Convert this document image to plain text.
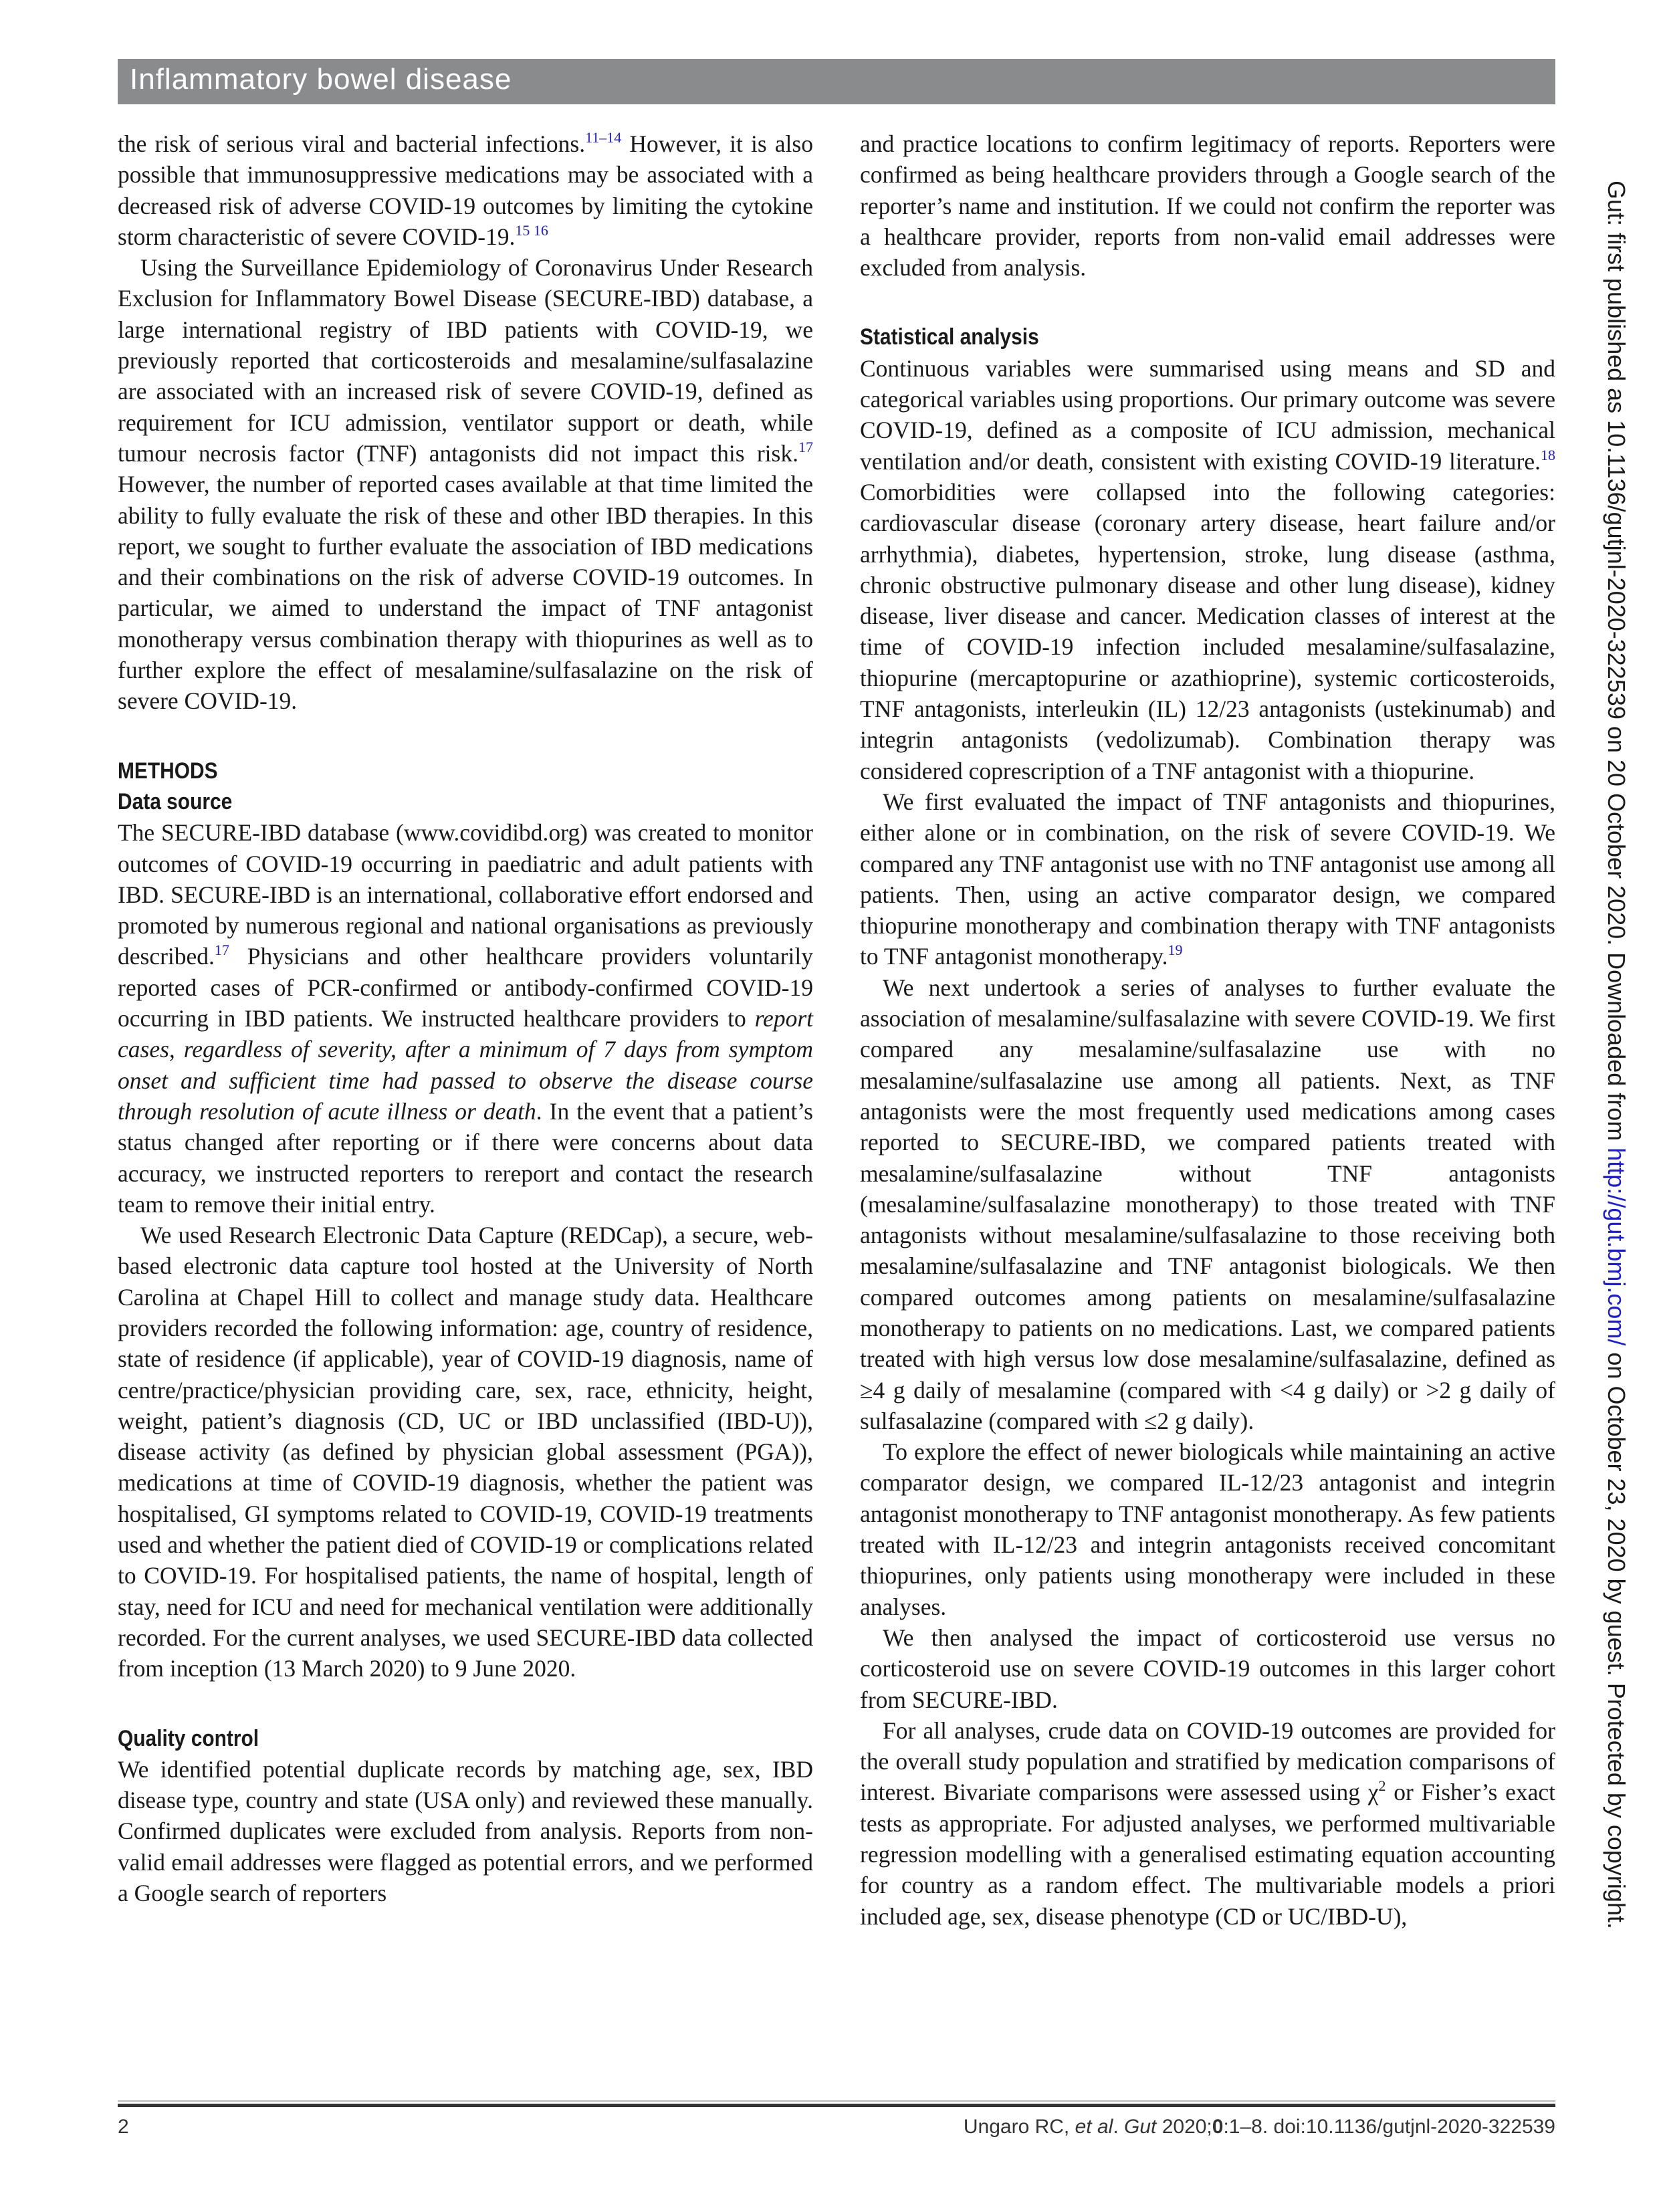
Inflammatory bowel disease

the risk of serious viral and bacterial infections.$^{11-14}$ However, it is also possible that immunosuppressive medications may be associated with a decreased risk of adverse COVID-19 outcomes by limiting the cytokine storm characteristic of severe COVID-19.$^{15 16}$

Using the Surveillance Epidemiology of Coronavirus Under Research Exclusion for Inflammatory Bowel Disease (SECURE-IBD) database, a large international registry of IBD patients with COVID-19, we previously reported that corticosteroids and mesalamine/sulfasalazine are associated with an increased risk of severe COVID-19, defined as requirement for ICU admission, ventilator support or death, while tumour necrosis factor (TNF) antagonists did not impact this risk.$^{17}$ However, the number of reported cases available at that time limited the ability to fully evaluate the risk of these and other IBD therapies. In this report, we sought to further evaluate the association of IBD medications and their combinations on the risk of adverse COVID-19 outcomes. In particular, we aimed to understand the impact of TNF antagonist monotherapy versus combination therapy with thiopurines as well as to further explore the effect of mesalamine/sulfasalazine on the risk of severe COVID-19.

METHODS
Data source

The SECURE-IBD database (www.covidibd.org) was created to monitor outcomes of COVID-19 occurring in paediatric and adult patients with IBD. SECURE-IBD is an international, collaborative effort endorsed and promoted by numerous regional and national organisations as previously described.$^{17}$ Physicians and other healthcare providers voluntarily reported cases of PCR-confirmed or antibody-confirmed COVID-19 occurring in IBD patients. We instructed healthcare providers to report cases, regardless of severity, after a minimum of 7 days from symptom onset and sufficient time had passed to observe the disease course through resolution of acute illness or death. In the event that a patient’s status changed after reporting or if there were concerns about data accuracy, we instructed reporters to rereport and contact the research team to remove their initial entry.

We used Research Electronic Data Capture (REDCap), a secure, web-based electronic data capture tool hosted at the University of North Carolina at Chapel Hill to collect and manage study data. Healthcare providers recorded the following information: age, country of residence, state of residence (if applicable), year of COVID-19 diagnosis, name of centre/practice/physician providing care, sex, race, ethnicity, height, weight, patient’s diagnosis (CD, UC or IBD unclassified (IBD-U)), disease activity (as defined by physician global assessment (PGA)), medications at time of COVID-19 diagnosis, whether the patient was hospitalised, GI symptoms related to COVID-19, COVID-19 treatments used and whether the patient died of COVID-19 or complications related to COVID-19. For hospitalised patients, the name of hospital, length of stay, need for ICU and need for mechanical ventilation were additionally recorded. For the current analyses, we used SECURE-IBD data collected from inception (13 March 2020) to 9 June 2020.

Quality control

We identified potential duplicate records by matching age, sex, IBD disease type, country and state (USA only) and reviewed these manually. Confirmed duplicates were excluded from analysis. Reports from non-valid email addresses were flagged as potential errors, and we performed a Google search of reporters

and practice locations to confirm legitimacy of reports. Reporters were confirmed as being healthcare providers through a Google search of the reporter’s name and institution. If we could not confirm the reporter was a healthcare provider, reports from non-valid email addresses were excluded from analysis.

Statistical analysis

Continuous variables were summarised using means and SD and categorical variables using proportions. Our primary outcome was severe COVID-19, defined as a composite of ICU admission, mechanical ventilation and/or death, consistent with existing COVID-19 literature.$^{18}$ Comorbidities were collapsed into the following categories: cardiovascular disease (coronary artery disease, heart failure and/or arrhythmia), diabetes, hypertension, stroke, lung disease (asthma, chronic obstructive pulmonary disease and other lung disease), kidney disease, liver disease and cancer. Medication classes of interest at the time of COVID-19 infection included mesalamine/sulfasalazine, thiopurine (mercaptopurine or azathioprine), systemic corticosteroids, TNF antagonists, interleukin (IL) 12/23 antagonists (ustekinumab) and integrin antagonists (vedolizumab). Combination therapy was considered coprescription of a TNF antagonist with a thiopurine.

We first evaluated the impact of TNF antagonists and thiopurines, either alone or in combination, on the risk of severe COVID-19. We compared any TNF antagonist use with no TNF antagonist use among all patients. Then, using an active comparator design, we compared thiopurine monotherapy and combination therapy with TNF antagonists to TNF antagonist monotherapy.$^{19}$

We next undertook a series of analyses to further evaluate the association of mesalamine/sulfasalazine with severe COVID-19. We first compared any mesalamine/sulfasalazine use with no mesalamine/sulfasalazine use among all patients. Next, as TNF antagonists were the most frequently used medications among cases reported to SECURE-IBD, we compared patients treated with mesalamine/sulfasalazine without TNF antagonists (mesalamine/sulfasalazine monotherapy) to those treated with TNF antagonists without mesalamine/sulfasalazine to those receiving both mesalamine/sulfasalazine and TNF antagonist biologicals. We then compared outcomes among patients on mesalamine/sulfasalazine monotherapy to patients on no medications. Last, we compared patients treated with high versus low dose mesalamine/sulfasalazine, defined as ≥4 g daily of mesalamine (compared with <4 g daily) or >2 g daily of sulfasalazine (compared with ≤2 g daily).

To explore the effect of newer biologicals while maintaining an active comparator design, we compared IL-12/23 antagonist and integrin antagonist monotherapy to TNF antagonist monotherapy. As few patients treated with IL-12/23 and integrin antagonists received concomitant thiopurines, only patients using monotherapy were included in these analyses.

We then analysed the impact of corticosteroid use versus no corticosteroid use on severe COVID-19 outcomes in this larger cohort from SECURE-IBD.

For all analyses, crude data on COVID-19 outcomes are provided for the overall study population and stratified by medication comparisons of interest. Bivariate comparisons were assessed using $\chi^2$ or Fisher’s exact tests as appropriate. For adjusted analyses, we performed multivariable regression modelling with a generalised estimating equation accounting for country as a random effect. The multivariable models a priori included age, sex, disease phenotype (CD or UC/IBD-U),

2	Ungaro RC, et al. Gut 2020;0:1–8. doi:10.1136/gutjnl-2020-322539
Gut: first published as 10.1136/gutjnl-2020-322539 on 20 October 2020. Downloaded from http://gut.bmj.com/ on October 23, 2020 by guest. Protected by copyright.
